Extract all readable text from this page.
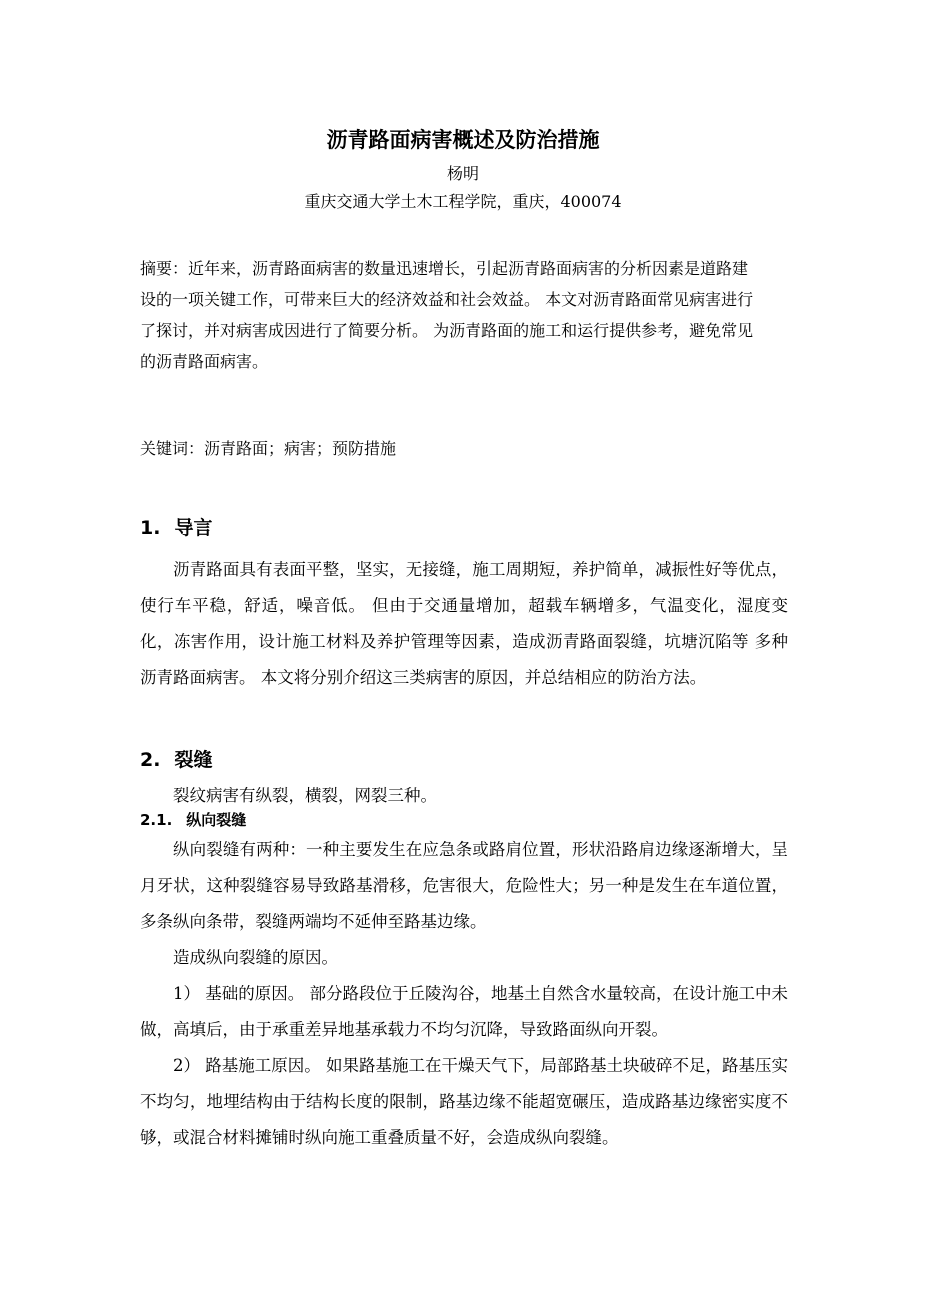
沥青路面病害概述及防治措施

杨明

重庆交通大学土木工程学院，重庆，400074

摘要：近年来，沥青路面病害的数量迅速增长，引起沥青路面病害的分析因素是道路建设的一项关键工作，可带来巨大的经济效益和社会效益。 本文对沥青路面常见病害进行了探讨，并对病害成因进行了简要分析。 为沥青路面的施工和运行提供参考，避免常见的沥青路面病害。

关键词：沥青路面；病害；预防措施

1. 导言

沥青路面具有表面平整，坚实，无接缝，施工周期短，养护简单，减振性好等优点，使行车平稳，舒适，噪音低。 但由于交通量增加，超载车辆增多，气温变化，湿度变化，冻害作用，设计施工材料及养护管理等因素，造成沥青路面裂缝，坑塘沉陷等 多种沥青路面病害。 本文将分别介绍这三类病害的原因，并总结相应的防治方法。

2. 裂缝

裂纹病害有纵裂，横裂，网裂三种。

2.1. 纵向裂缝

纵向裂缝有两种：一种主要发生在应急条或路肩位置，形状沿路肩边缘逐渐增大，呈月牙状，这种裂缝容易导致路基滑移，危害很大，危险性大；另一种是发生在车道位置，多条纵向条带，裂缝两端均不延伸至路基边缘。

造成纵向裂缝的原因。

1） 基础的原因。 部分路段位于丘陵沟谷，地基土自然含水量较高，在设计施工中未做，高填后，由于承重差异地基承载力不均匀沉降，导致路面纵向开裂。

2） 路基施工原因。 如果路基施工在干燥天气下，局部路基土块破碎不足，路基压实不均匀，地埋结构由于结构长度的限制，路基边缘不能超宽碾压，造成路基边缘密实度不够，或混合材料摊铺时纵向施工重叠质量不好，会造成纵向裂缝。
